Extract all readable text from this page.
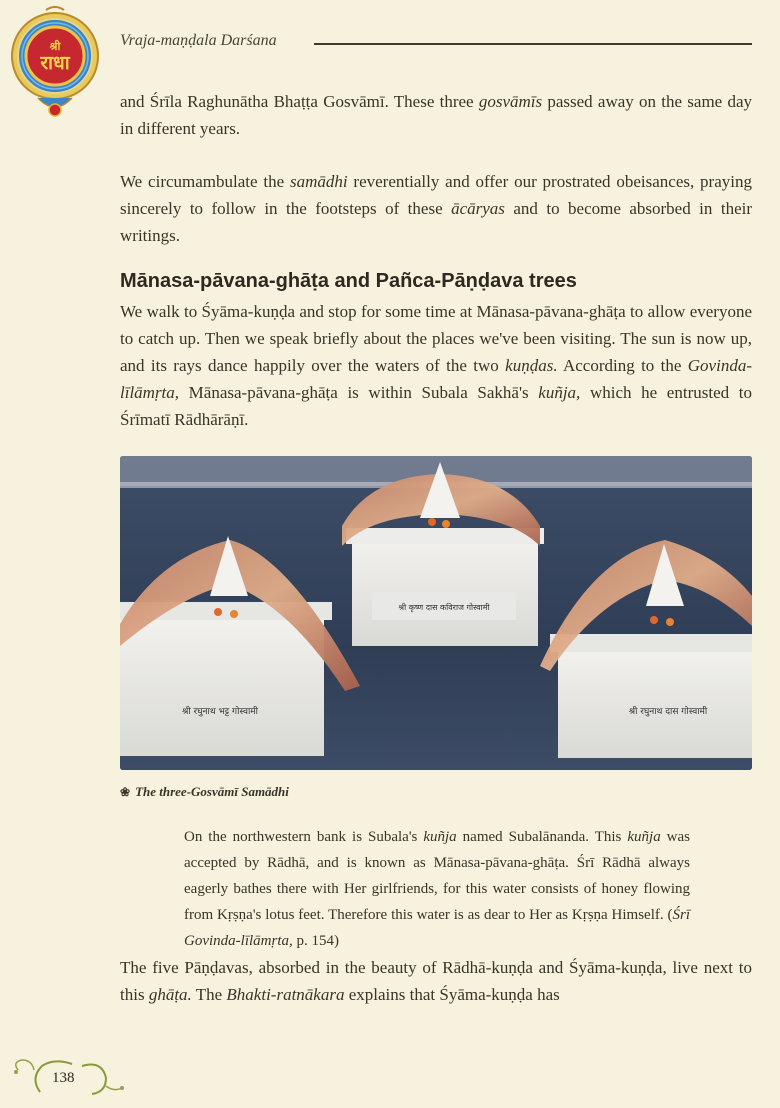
श्री
राधा
Vraja-maṇḍala Darśana

and Śrīla Raghunātha Bhaṭṭa Gosvāmī. These three gosvāmīs passed away on the same day in different years.

We circumambulate the samādhi reverentially and offer our prostrated obeisances, praying sincerely to follow in the footsteps of these ācāryas and to become absorbed in their writings.

Mānasa-pāvana-ghāṭa and Pañca-Pāṇḍava trees

We walk to Śyāma-kuṇḍa and stop for some time at Mānasa-pāvana-ghāṭa to allow everyone to catch up. Then we speak briefly about the places we've been visiting. The sun is now up, and its rays dance happily over the waters of the two kuṇḍas. According to the Govinda-līlāmṛta, Mānasa-pāvana-ghāṭa is within Subala Sakhā's kuñja, which he entrusted to Śrīmatī Rādhārāṇī.

श्री कृष्ण दास कविराज गोस्वामी
श्री रघुनाथ भट्ट गोस्वामी	श्री रघुनाथ दास गोस्वामी
❀ The three-Gosvāmī Samādhi

On the northwestern bank is Subala's kuñja named Subalānanda. This kuñja was accepted by Rādhā, and is known as Mānasa-pāvana-ghāṭa. Śrī Rādhā always eagerly bathes there with Her girlfriends, for this water consists of honey flowing from Kṛṣṇa's lotus feet. Therefore this water is as dear to Her as Kṛṣṇa Himself. (Śrī Govinda-līlāmṛta, p. 154)

The five Pāṇḍavas, absorbed in the beauty of Rādhā-kuṇḍa and Śyāma-kuṇḍa, live next to this ghāṭa. The Bhakti-ratnākara explains that Śyāma-kuṇḍa has

138
